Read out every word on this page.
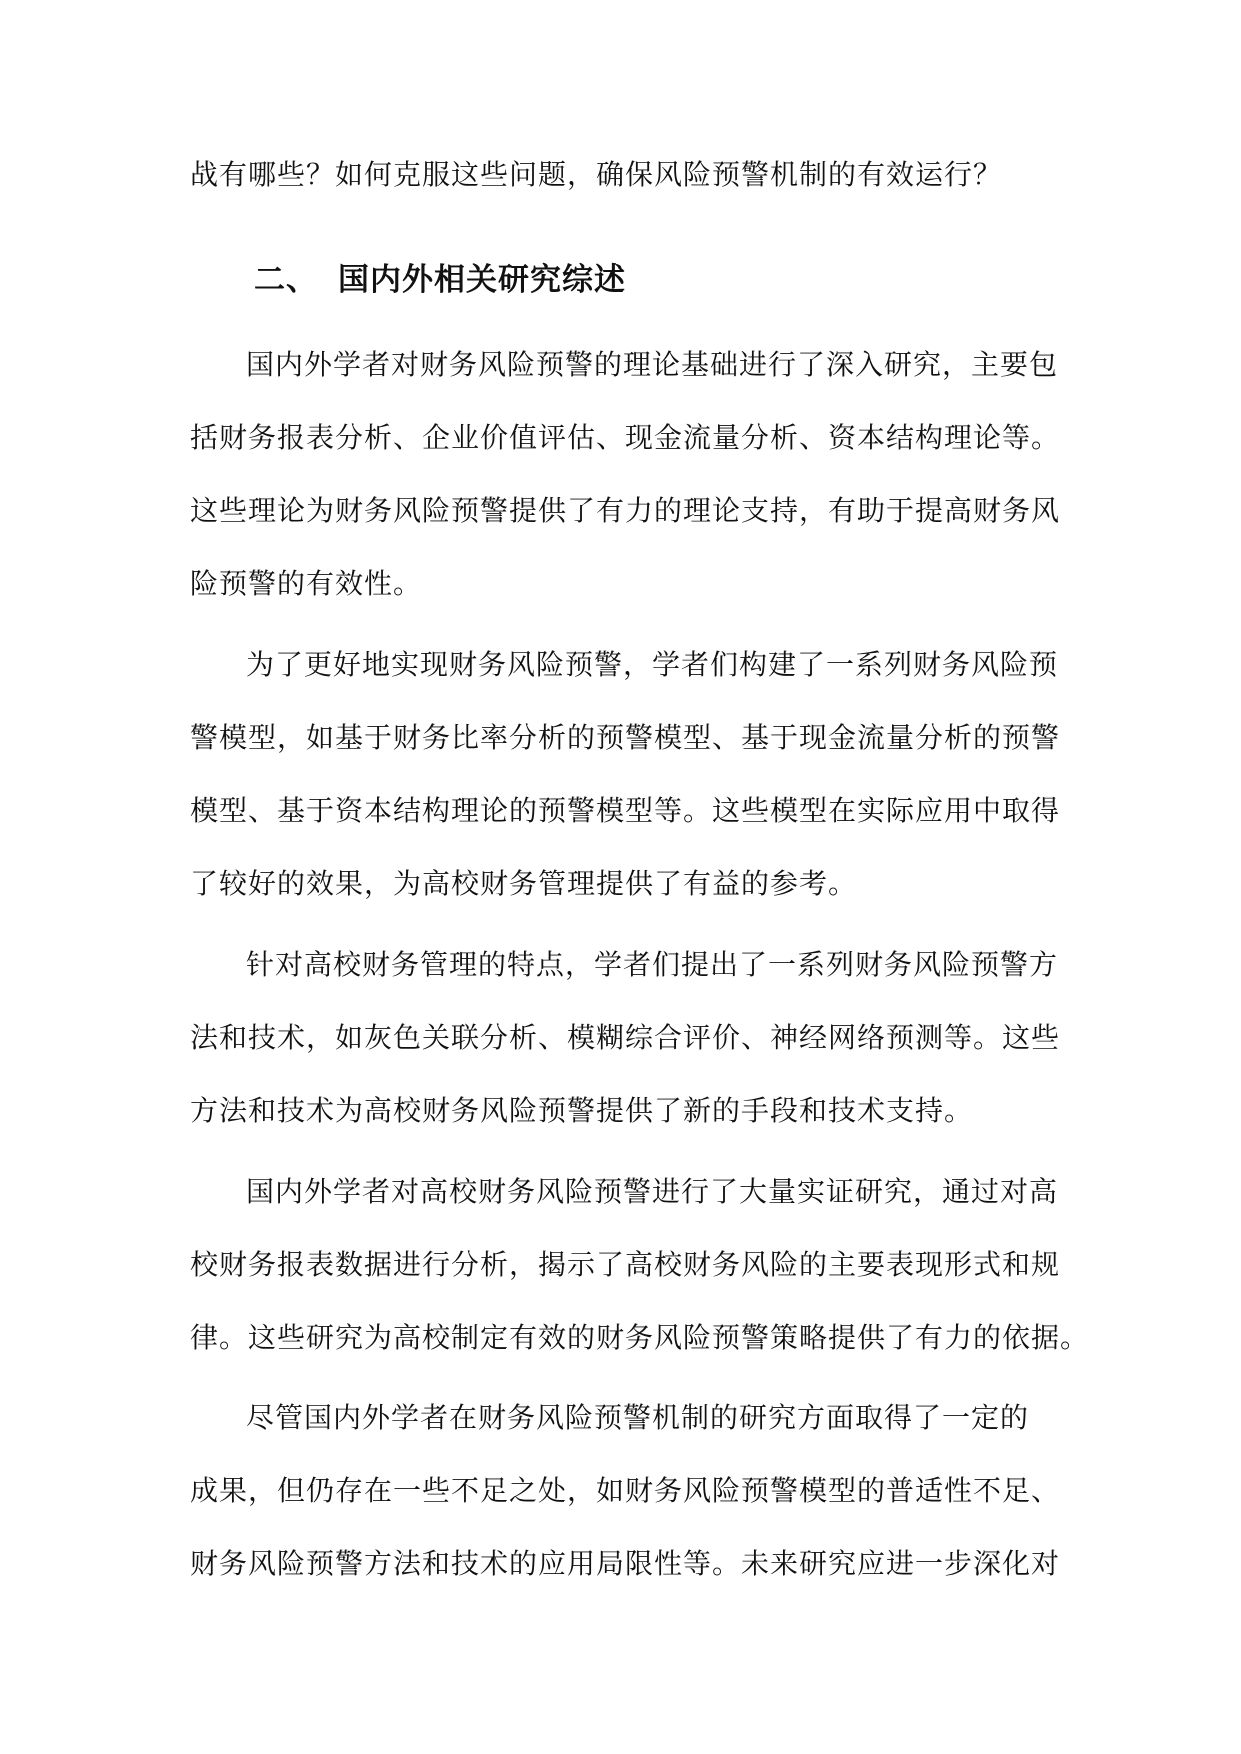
战有哪些？如何克服这些问题，确保风险预警机制的有效运行？

二、 国内外相关研究综述

国内外学者对财务风险预警的理论基础进行了深入研究，主要包

括财务报表分析、企业价值评估、现金流量分析、资本结构理论等。

这些理论为财务风险预警提供了有力的理论支持，有助于提高财务风

险预警的有效性。

为了更好地实现财务风险预警，学者们构建了一系列财务风险预

警模型，如基于财务比率分析的预警模型、基于现金流量分析的预警

模型、基于资本结构理论的预警模型等。这些模型在实际应用中取得

了较好的效果，为高校财务管理提供了有益的参考。

针对高校财务管理的特点，学者们提出了一系列财务风险预警方

法和技术，如灰色关联分析、模糊综合评价、神经网络预测等。这些

方法和技术为高校财务风险预警提供了新的手段和技术支持。

国内外学者对高校财务风险预警进行了大量实证研究，通过对高

校财务报表数据进行分析，揭示了高校财务风险的主要表现形式和规

律。这些研究为高校制定有效的财务风险预警策略提供了有力的依据。

尽管国内外学者在财务风险预警机制的研究方面取得了一定的

成果，但仍存在一些不足之处，如财务风险预警模型的普适性不足、

财务风险预警方法和技术的应用局限性等。未来研究应进一步深化对
